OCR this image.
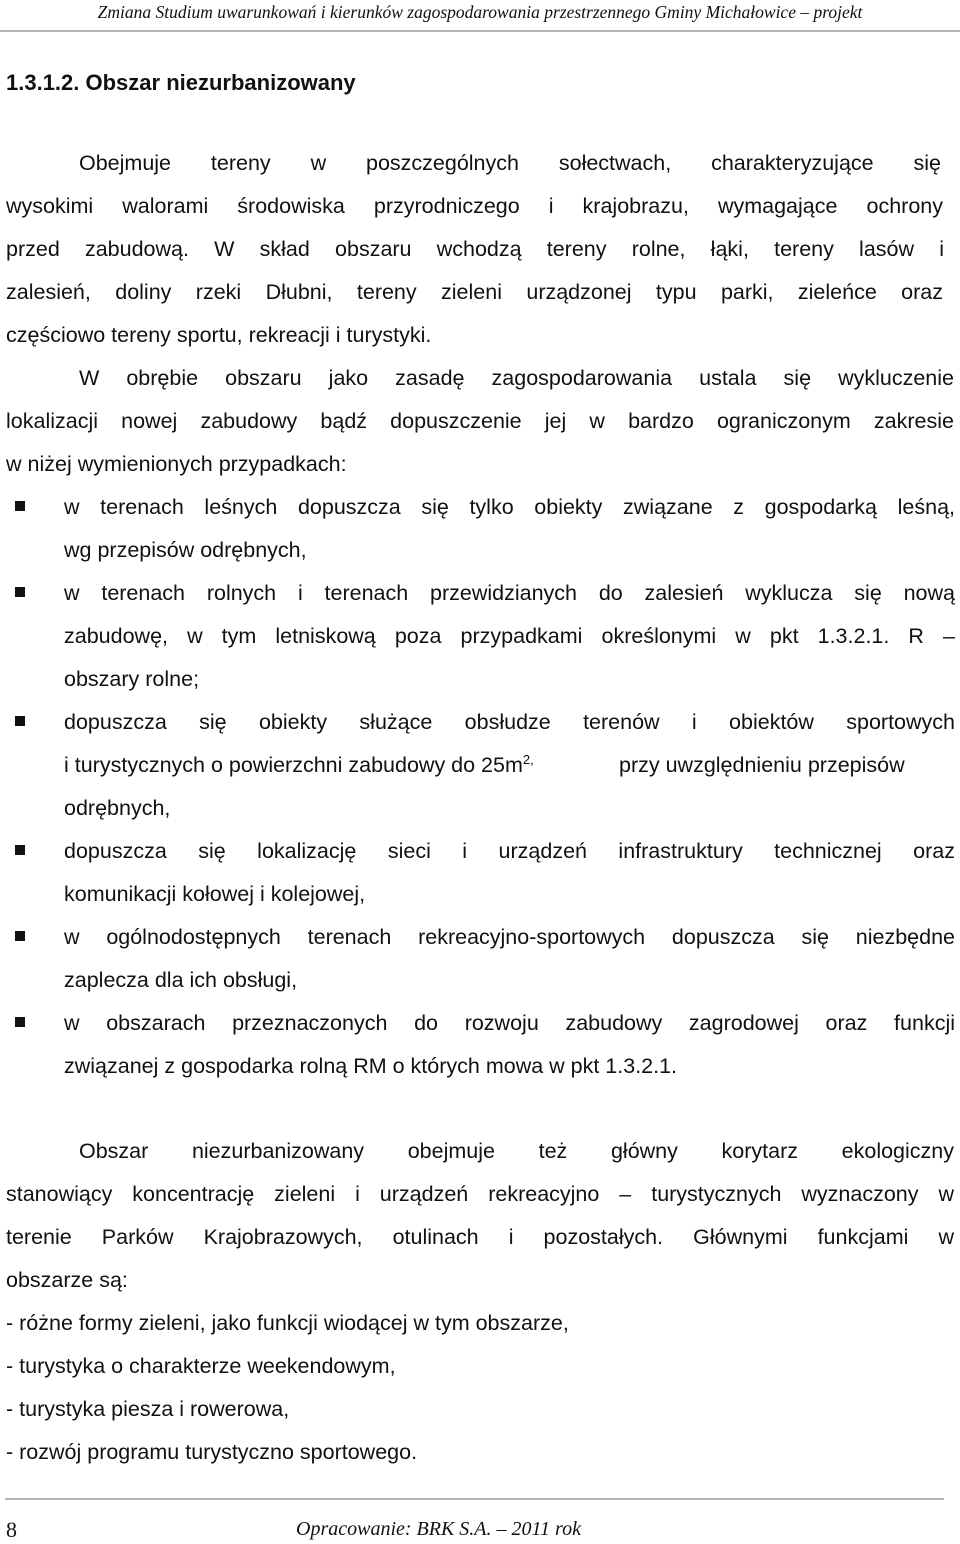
Zmiana Studium uwarunkowań i kierunków zagospodarowania przestrzennego Gminy Michałowice – projekt
1.3.1.2. Obszar niezurbanizowany
Obejmuje tereny w poszczególnych sołectwach, charakteryzujące się
wysokimi walorami środowiska przyrodniczego i krajobrazu, wymagające ochrony
przed zabudową. W skład obszaru wchodzą tereny rolne, łąki, tereny lasów i
zalesień, doliny rzeki Dłubni, tereny zieleni urządzonej typu parki, zieleńce oraz
częściowo tereny sportu, rekreacji i turystyki.
W obrębie obszaru jako zasadę zagospodarowania ustala się wykluczenie
lokalizacji nowej zabudowy bądź dopuszczenie jej w bardzo ograniczonym zakresie
w niżej wymienionych przypadkach:
w terenach leśnych dopuszcza się tylko obiekty związane z gospodarką leśną,
wg przepisów odrębnych,
w terenach rolnych i terenach przewidzianych do zalesień wyklucza się nową
zabudowę, w tym letniskową poza przypadkami określonymi w pkt 1.3.2.1. R –
obszary rolne;
dopuszcza się obiekty służące obsłudze terenów i obiektów sportowych
i turystycznych o powierzchni zabudowy do $25m^{2,}$	przy uwzględnieniu przepisów
odrębnych,
dopuszcza się lokalizację sieci i urządzeń infrastruktury technicznej oraz
komunikacji kołowej i kolejowej,
w ogólnodostępnych terenach rekreacyjno-sportowych dopuszcza się niezbędne
zaplecza dla ich obsługi,
w obszarach przeznaczonych do rozwoju zabudowy zagrodowej oraz funkcji
związanej z gospodarka rolną RM o których mowa w pkt 1.3.2.1.
Obszar niezurbanizowany obejmuje też główny korytarz ekologiczny
stanowiący koncentrację zieleni i urządzeń rekreacyjno – turystycznych wyznaczony w
terenie Parków Krajobrazowych, otulinach i pozostałych. Głównymi funkcjami w
obszarze są:
- różne formy zieleni, jako funkcji wiodącej w tym obszarze,
- turystyka o charakterze weekendowym,
- turystyka piesza i rowerowa,
- rozwój programu turystyczno sportowego.
8	Opracowanie: BRK S.A. – 2011 rok
